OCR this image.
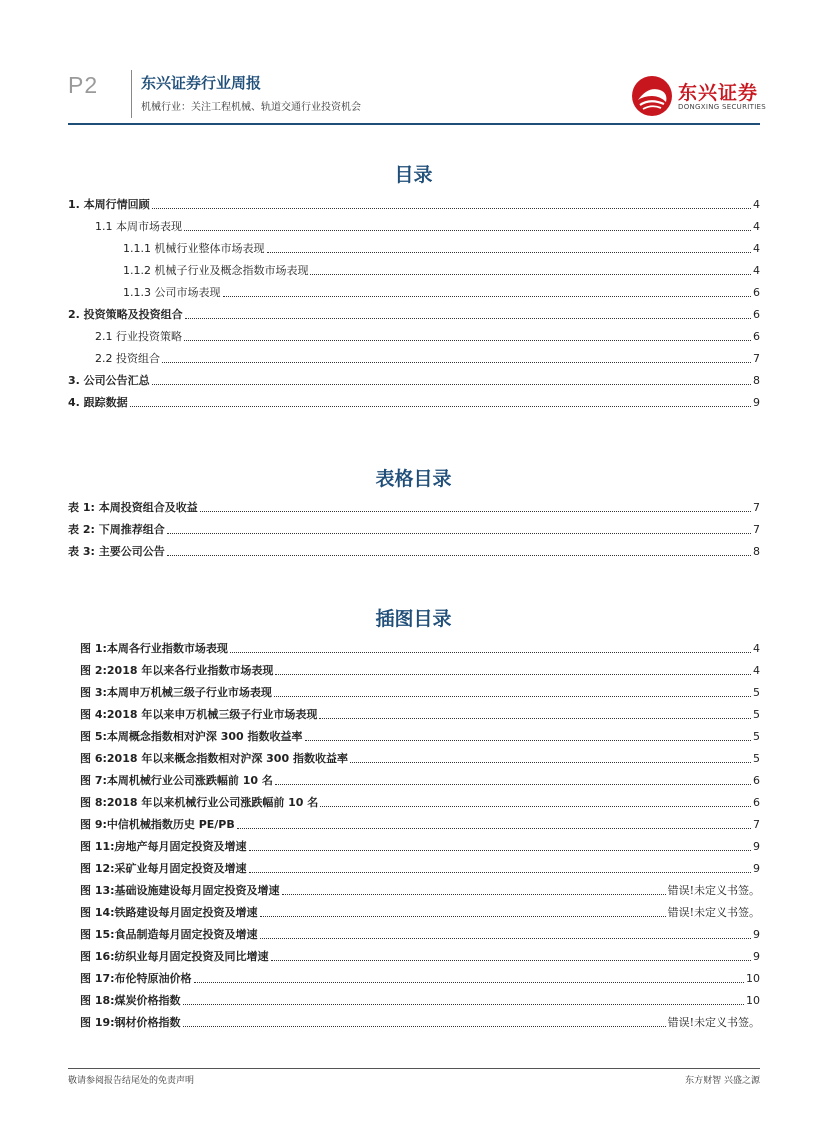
P2	东兴证券行业周报
机械行业：关注工程机械、轨道交通行业投资机会
东兴证券
DONGXING SECURITIES
目录
1. 本周行情回顾	4
1.1 本周市场表现	4
1.1.1 机械行业整体市场表现	4
1.1.2 机械子行业及概念指数市场表现	4
1.1.3 公司市场表现	6
2. 投资策略及投资组合	6
2.1 行业投资策略	6
2.2 投资组合	7
3. 公司公告汇总	8
4. 跟踪数据	9
表格目录
表 1: 本周投资组合及收益	7
表 2: 下周推荐组合	7
表 3: 主要公司公告	8
插图目录
图 1:本周各行业指数市场表现	4
图 2:2018 年以来各行业指数市场表现	4
图 3:本周申万机械三级子行业市场表现	5
图 4:2018 年以来申万机械三级子行业市场表现	5
图 5:本周概念指数相对沪深 300 指数收益率	5
图 6:2018 年以来概念指数相对沪深 300 指数收益率	5
图 7:本周机械行业公司涨跌幅前 10 名	6
图 8:2018 年以来机械行业公司涨跌幅前 10 名	6
图 9:中信机械指数历史 PE/PB	7
图 11:房地产每月固定投资及增速	9
图 12:采矿业每月固定投资及增速	9
图 13:基础设施建设每月固定投资及增速	错误!未定义书签。
图 14:铁路建设每月固定投资及增速	错误!未定义书签。
图 15:食品制造每月固定投资及增速	9
图 16:纺织业每月固定投资及同比增速	9
图 17:布伦特原油价格	10
图 18:煤炭价格指数	10
图 19:钢材价格指数	错误!未定义书签。
敬请参阅报告结尾处的免责声明	东方财智 兴盛之源
